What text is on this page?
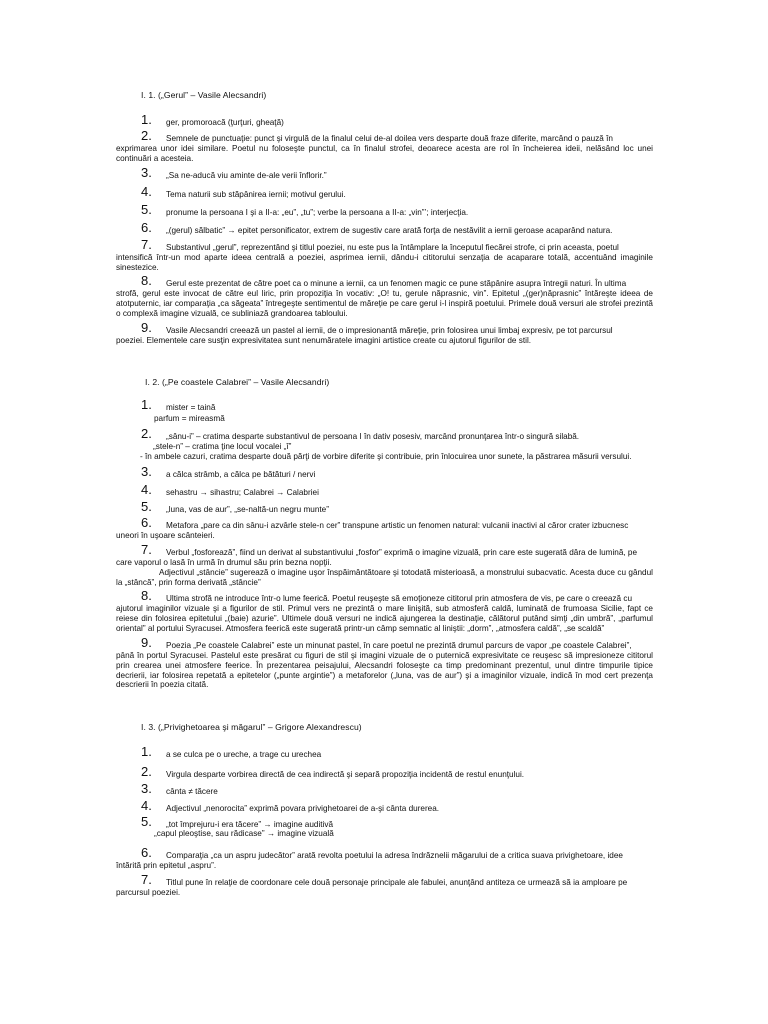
I. 1. („Gerul” – Vasile Alecsandri)
1. ger, promoroacă (ţurţuri, gheaţă)
2. Semnele de punctuaţie: punct şi virgulă de la finalul celui de-al doilea vers desparte două fraze diferite, marcând o pauză în
exprimarea unor idei similare. Poetul nu foloseşte punctul, ca în finalul strofei, deoarece acesta are rol în încheierea ideii, nelăsând loc unei continuări a acesteia.
3. „Sa ne-aducă viu aminte de-ale verii înflorir.”
4. Tema naturii sub stăpânirea iernii; motivul gerului.
5. pronume la persoana I şi a II-a: „eu”, „tu”; verbe la persoana a II-a: „vin”’; interjecţia.
6. „(gerul) sălbatic” → epitet personificator, extrem de sugestiv care arată forţa de nestăvilit a iernii geroase acaparând natura.
7. Substantivul „gerul”, reprezentând şi titlul poeziei, nu este pus la întâmplare la începutul fiecărei strofe, ci prin aceasta, poetul
intensifică într-un mod aparte ideea centrală a poeziei, asprimea iernii, dându-i cititorului senzaţia de acaparare totală, accentuând imaginile sinestezice.
8. Gerul este prezentat de către poet ca o minune a iernii, ca un fenomen magic ce pune stăpânire asupra întregii naturi. În ultima
strofă, gerul este invocat de către eul liric, prin propoziţia în vocativ: „O! tu, gerule năprasnic, vin”. Epitetul „(ger)năprasnic” întăreşte ideea de atotputernic, iar comparaţia „ca săgeata” întregeşte sentimentul de măreţie pe care gerul i-l inspiră poetului. Primele două versuri ale strofei prezintă o complexă imagine vizuală, ce subliniază grandoarea tabloului.
9. Vasile Alecsandri creează un pastel al iernii, de o impresionantă măreţie, prin folosirea unui limbaj expresiv, pe tot parcursul
poeziei. Elementele care susţin expresivitatea sunt nenumăratele imagini artistice create cu ajutorul figurilor de stil.
I. 2. („Pe coastele Calabrei” – Vasile Alecsandri)
1. mister = taină
parfum = mireasmă
2. „sânu-i” – cratima desparte substantivul de persoana I în dativ posesiv, marcând pronunţarea într-o singură silabă.
„stele-n” – cratima ţine locul vocalei „î”
- în ambele cazuri, cratima desparte două părţi de vorbire diferite şi contribuie, prin înlocuirea unor sunete, la păstrarea măsurii versului.
3. a călca strâmb, a călca pe bătături / nervi
4. sehastru → sihastru; Calabrei → Calabriei
5. „luna, vas de aur”, „se-naltă-un negru munte”
6. Metafora „pare ca din sânu-i azvârle stele-n cer” transpune artistic un fenomen natural: vulcanii inactivi al căror crater izbucnesc
uneori în uşoare scânteieri.
7. Verbul „fosforează”, fiind un derivat al substantivului „fosfor” exprimă o imagine vizuală, prin care este sugerată dâra de lumină, pe
care vaporul o lasă în urmă în drumul său prin bezna nopţii.
Adjectivul „stâncie” sugerează o imagine uşor înspăimântătoare şi totodată misterioasă, a monstrului subacvatic. Acesta duce cu gândul la „stâncă”, prin forma derivată „stâncie”
8. Ultima strofă ne introduce într-o lume feerică. Poetul reuşeşte să emoţioneze cititorul prin atmosfera de vis, pe care o creează cu
ajutorul imaginilor vizuale şi a figurilor de stil. Primul vers ne prezintă o mare linişită, sub atmosferă caldă, luminată de frumoasa Sicilie, fapt ce reiese din folosirea epitetului „(baie) azurie”. Ultimele două versuri ne indică ajungerea la destinaţie, călătorul putând simţi „din umbră”, „parfumul oriental” al portului Syracusei. Atmosfera feerică este sugerată printr-un câmp semnatic al liniştii: „dorm”, „atmosfera caldă”, „se scaldă”
9. Poezia „Pe coastele Calabrei” este un minunat pastel, în care poetul ne prezintă drumul parcurs de vapor „pe coastele Calabrei”,
până în portul Syracusei. Pastelul este presărat cu figuri de stil şi imagini vizuale de o puternică expresivitate ce reuşesc să impresioneze cititorul prin crearea unei atmosfere feerice. În prezentarea peisajului, Alecsandri foloseşte ca timp predominant prezentul, unul dintre timpurile tipice decrierii, iar folosirea repetată a epitetelor („punte argintie”) a metaforelor („luna, vas de aur”) şi a imaginilor vizuale, indică în mod cert prezenţa descrierii în poezia citată.
I. 3. („Privighetoarea şi măgarul” – Grigore Alexandrescu)
1. a se culca pe o ureche, a trage cu urechea
2. Virgula desparte vorbirea directă de cea indirectă şi separă propoziţia incidentă de restul enunţului.
3. cânta ≠ tăcere
4. Adjectivul „nenorocita” exprimă povara privighetoarei de a-şi cânta durerea.
5. „tot împrejuru-i era tăcere” → imagine auditivă
„capul pleoştise, sau rădicase” → imagine vizuală
6. Comparaţia „ca un aspru judecător” arată revolta poetului la adresa îndrăznelii măgarului de a critica suava privighetoare, idee
întărită prin epitetul „aspru”.
7. Titlul pune în relaţie de coordonare cele două personaje principale ale fabulei, anunţând antiteza ce urmează să ia amploare pe
parcursul poeziei.
